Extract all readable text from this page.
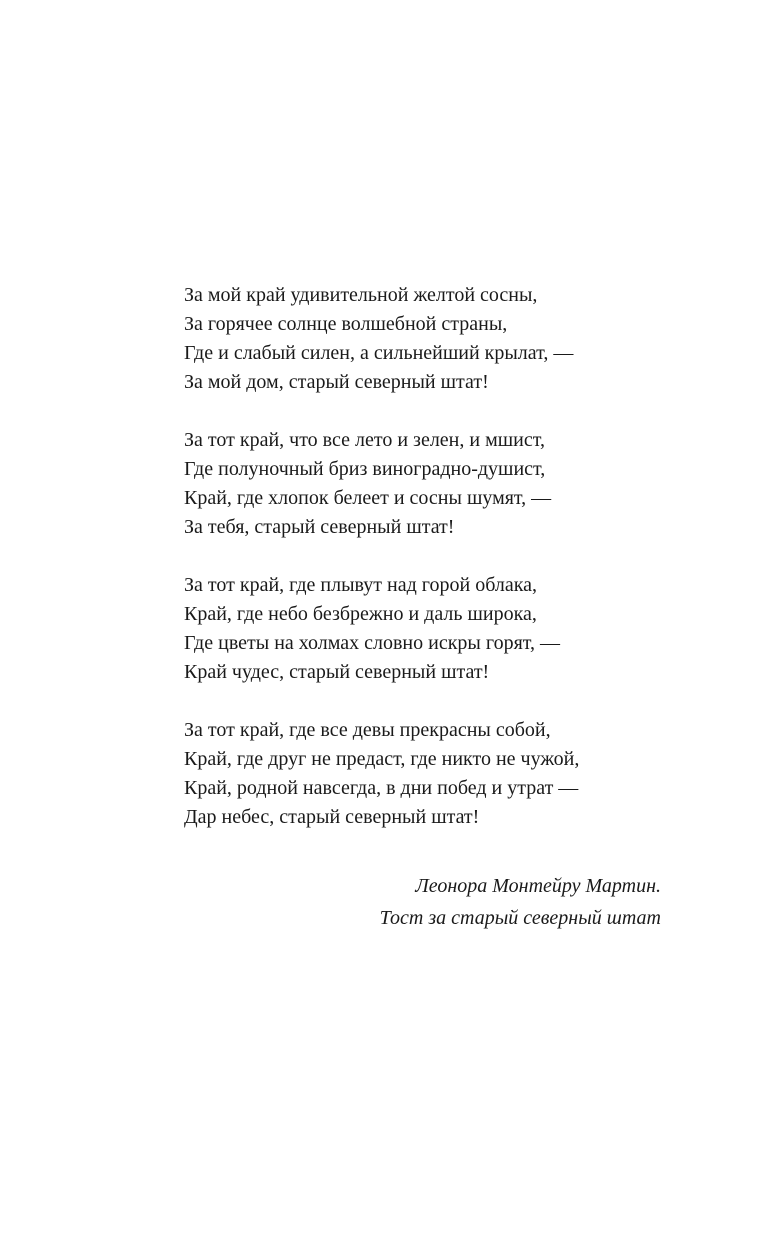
За мой край удивительной желтой сосны,
За горячее солнце волшебной страны,
Где и слабый силен, а сильнейший крылат, —
За мой дом, старый северный штат!
За тот край, что все лето и зелен, и мшист,
Где полуночный бриз виноградно-душист,
Край, где хлопок белеет и сосны шумят, —
За тебя, старый северный штат!
За тот край, где плывут над горой облака,
Край, где небо безбрежно и даль широка,
Где цветы на холмах словно искры горят, —
Край чудес, старый северный штат!
За тот край, где все девы прекрасны собой,
Край, где друг не предаст, где никто не чужой,
Край, родной навсегда, в дни побед и утрат —
Дар небес, старый северный штат!
Леонора Монтейру Мартин.
Тост за старый северный штат
